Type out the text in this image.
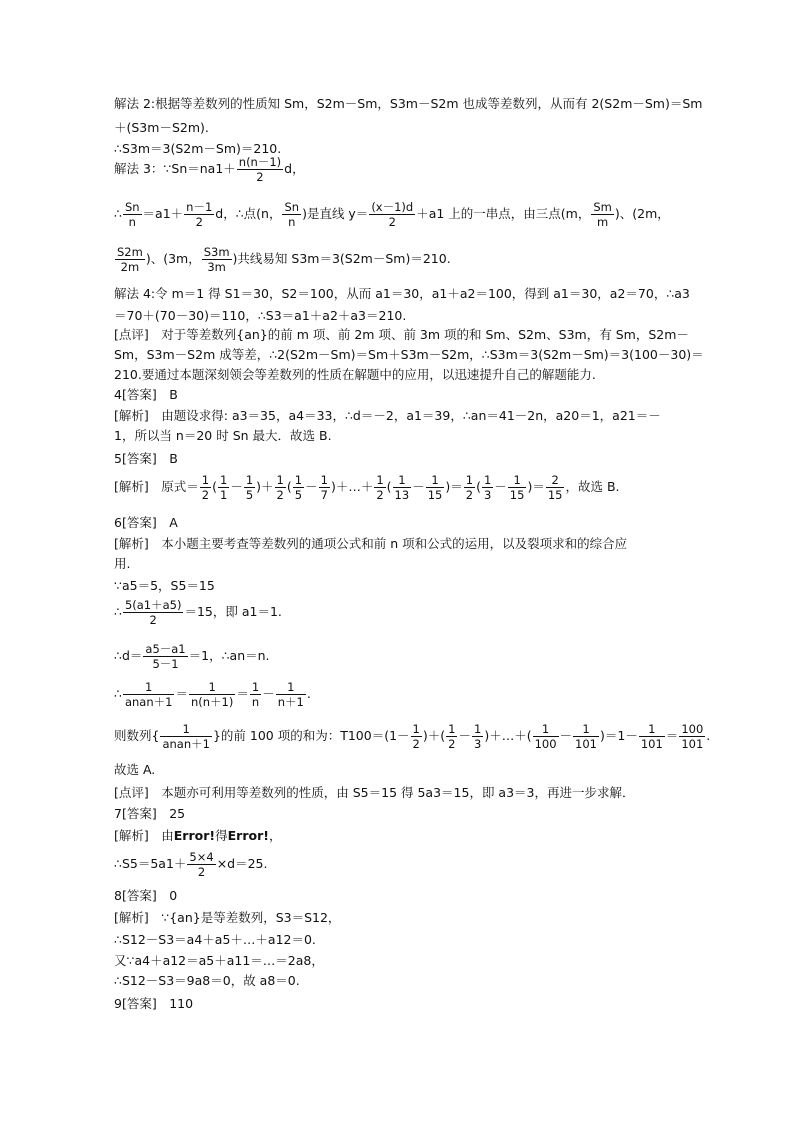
解法 2:根据等差数列的性质知 Sm，S2m－Sm，S3m－S2m 也成等差数列，从而有 2(S2m－Sm)＝Sm
＋(S3m－S2m).
∴S3m＝3(S2m－Sm)＝210.
解法 3：∵Sn＝na1＋ $\frac{n(n-1)}{2}$ d，
∴ $\frac{Sn}{n} =a1+ \frac{n-1}{2}$ d，∴点(n， $\frac{Sn}{n}$ )是直线 $y= \frac{(x-1)d}{2} +a1$ 上的一串点，由三点(m， $\frac{Sm}{m}$ )、(2m，
$\frac{S2m}{2m}$ )、(3m， $\frac{S3m}{3m}$ )共线易知 S3m＝3(S2m－Sm)＝210.
解法 4:令 m＝1 得 S1＝30，S2＝100，从而 a1＝30，a1＋a2＝100，得到 a1＝30，a2＝70，∴a3
＝70＋(70－30)＝110，∴S3＝a1＋a2＋a3＝210.
[点评]　对于等差数列{an}的前 m 项、前 2m 项、前 3m 项的和 Sm、S2m、S3m，有 Sm，S2m－
Sm，S3m－S2m 成等差，∴2(S2m－Sm)＝Sm＋S3m－S2m，∴S3m＝3(S2m－Sm)＝3(100－30)＝
210.要通过本题深刻领会等差数列的性质在解题中的应用，以迅速提升自己的解题能力.
4[答案]　B
[解析]　由题设求得: a3＝35，a4＝33，∴d＝－2，a1＝39，∴an＝41－2n，a20＝1，a21＝－
1，所以当 n＝20 时 Sn 最大．故选 B.
5[答案]　B
[解析]　原式＝ $\frac{1}{2}$ ( $\frac{1}{1} - \frac{1}{5}$ )＋ $\frac{1}{2}$ ( $\frac{1}{5} - \frac{1}{7}$ )＋…＋ $\frac{1}{2}$ ( $\frac{1}{13} - \frac{1}{15}$ )＝ $\frac{1}{2}$ ( $\frac{1}{3} - \frac{1}{15}$ )＝ $\frac{2}{15}$ ，故选 B.
6[答案]　A
[解析]　本小题主要考查等差数列的通项公式和前 n 项和公式的运用，以及裂项求和的综合应
用.
∵a5＝5，S5＝15
∴ $\frac{5(a1+a5)}{2} =15$，即 a1＝1.
∴d＝ $\frac{a5-a1}{5-1} =1$，∴an＝n.
∴ $\frac{1}{\text{anan＋1}} = \frac{1}{n(n+1)} = \frac{1}{n} - \frac{1}{n+1}$ .
则数列{ $\frac{1}{\text{anan＋1}}$ }的前 100 项的和为：$T100=(1- \frac{1}{2}$ )＋( $\frac{1}{2} - \frac{1}{3}$ )＋…＋( $\frac{1}{100} - \frac{1}{101} )=1- \frac{1}{101} = \frac{100}{101}$ .
故选 A.
[点评]　本题亦可利用等差数列的性质，由 S5＝15 得 5a3＝15，即 a3＝3，再进一步求解．
7[答案]　25
[解析]　由Error!得Error!，
∴S5＝5a1＋ $\frac{5\times 4}{2} \times d=25$.
8[答案]　0
[解析]　∵{an}是等差数列，S3＝S12，
∴S12－S3＝a4＋a5＋…＋a12＝0.
又∵a4＋a12＝a5＋a11＝…＝2a8，
∴S12－S3＝9a8＝0，故 a8＝0.
9[答案]　110
